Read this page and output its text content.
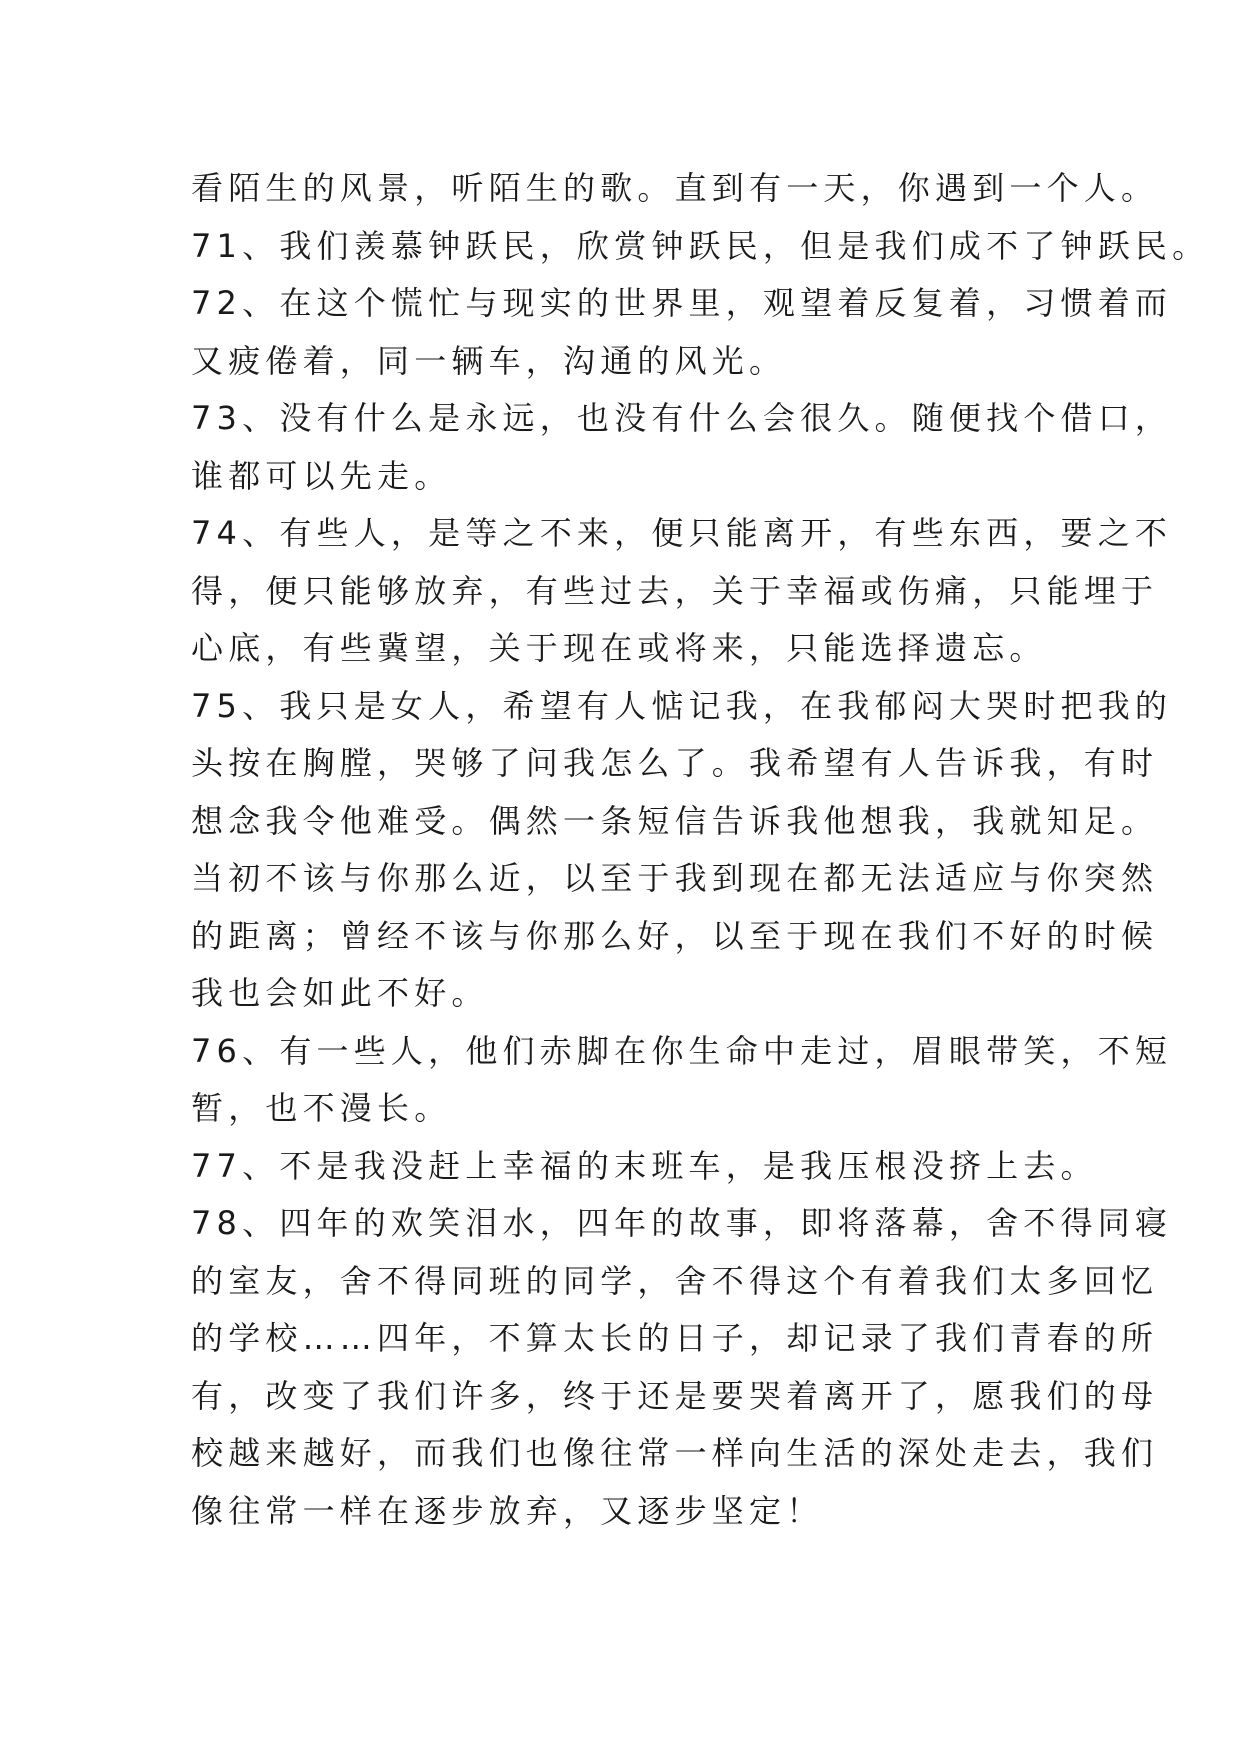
看陌生的风景，听陌生的歌。直到有一天，你遇到一个人。
71、我们羡慕钟跃民，欣赏钟跃民，但是我们成不了钟跃民。
72、在这个慌忙与现实的世界里，观望着反复着，习惯着而
又疲倦着，同一辆车，沟通的风光。
73、没有什么是永远，也没有什么会很久。随便找个借口，
谁都可以先走。
74、有些人，是等之不来，便只能离开，有些东西，要之不
得，便只能够放弃，有些过去，关于幸福或伤痛，只能埋于
心底，有些冀望，关于现在或将来，只能选择遗忘。
75、我只是女人，希望有人惦记我，在我郁闷大哭时把我的
头按在胸膛，哭够了问我怎么了。我希望有人告诉我，有时
想念我令他难受。偶然一条短信告诉我他想我，我就知足。
当初不该与你那么近，以至于我到现在都无法适应与你突然
的距离；曾经不该与你那么好，以至于现在我们不好的时候
我也会如此不好。
76、有一些人，他们赤脚在你生命中走过，眉眼带笑，不短
暂，也不漫长。
77、不是我没赶上幸福的末班车，是我压根没挤上去。
78、四年的欢笑泪水，四年的故事，即将落幕，舍不得同寝
的室友，舍不得同班的同学，舍不得这个有着我们太多回忆
的学校……四年，不算太长的日子，却记录了我们青春的所
有，改变了我们许多，终于还是要哭着离开了，愿我们的母
校越来越好，而我们也像往常一样向生活的深处走去，我们
像往常一样在逐步放弃，又逐步坚定！
